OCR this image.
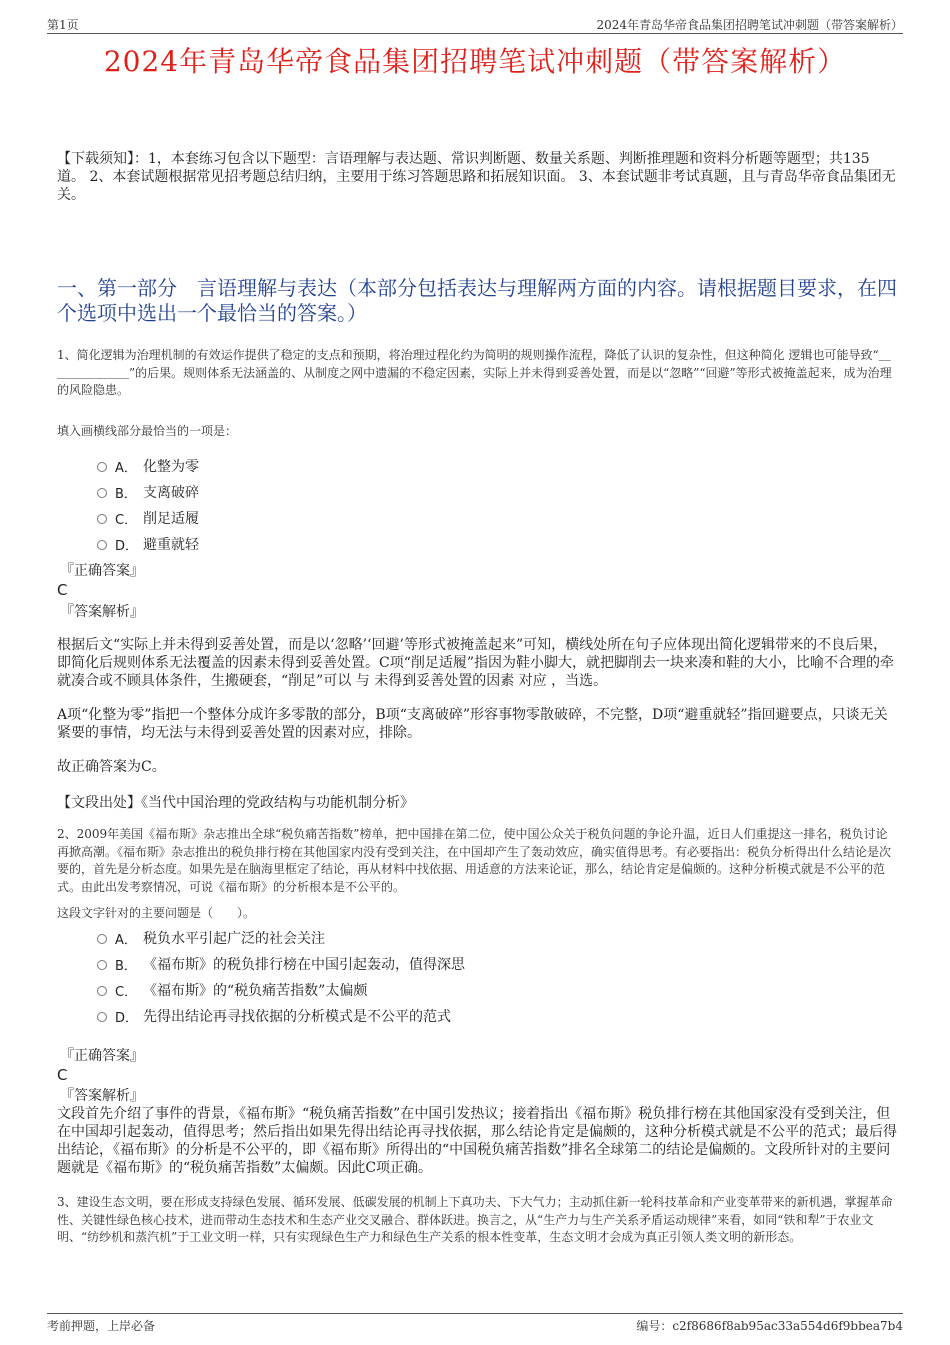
第1页	2024年青岛华帝食品集团招聘笔试冲刺题（带答案解析）
2024年青岛华帝食品集团招聘笔试冲刺题（带答案解析）
【下载须知】：1，本套练习包含以下题型：言语理解与表达题、常识判断题、数量关系题、判断推理题和资料分析题等题型；共135道。 2、本套试题根据常见招考题总结归纳，主要用于练习答题思路和拓展知识面。 3、本套试题非考试真题，且与青岛华帝食品集团无关。
一、第一部分　言语理解与表达（本部分包括表达与理解两方面的内容。请根据题目要求，在四个选项中选出一个最恰当的答案。）
1、简化逻辑为治理机制的有效运作提供了稳定的支点和预期，将治理过程化约为简明的规则操作流程，降低了认识的复杂性，但这种简化 逻辑也可能导致“＿＿＿＿＿＿＿”的后果。规则体系无法涵盖的、从制度之网中遗漏的不稳定因素，实际上并未得到妥善处置，而是以“忽略”“回避”等形式被掩盖起来，成为治理的风险隐患。
填入画横线部分最恰当的一项是：
A． 化整为零
B． 支离破碎
C． 削足适履
D． 避重就轻
『正确答案』
C
『答案解析』
根据后文“实际上并未得到妥善处置，而是以‘忽略’‘回避’等形式被掩盖起来”可知，横线处所在句子应体现出简化逻辑带来的不良后果，即简化后规则体系无法覆盖的因素未得到妥善处置。C项“削足适履”指因为鞋小脚大，就把脚削去一块来凑和鞋的大小，比喻不合理的牵就凑合或不顾具体条件，生搬硬套，“削足”可以 与 未得到妥善处置的因素 对应 ，当选。
A项“化整为零”指把一个整体分成许多零散的部分，B项“支离破碎”形容事物零散破碎，不完整，D项“避重就轻”指回避要点，只谈无关紧要的事情，均无法与未得到妥善处置的因素对应，排除。
故正确答案为C。
【文段出处】《当代中国治理的党政结构与功能机制分析》
2、2009年美国《福布斯》杂志推出全球“税负痛苦指数”榜单，把中国排在第二位，使中国公众关于税负问题的争论升温，近日人们重提这一排名，税负讨论再掀高潮。《福布斯》杂志推出的税负排行榜在其他国家内没有受到关注，在中国却产生了轰动效应，确实值得思考。有必要指出：税负分析得出什么结论是次要的，首先是分析态度。如果先是在脑海里框定了结论，再从材料中找依据、用适意的方法来论证，那么，结论肯定是偏颇的。这种分析模式就是不公平的范式。由此出发考察情况，可说《福布斯》的分析根本是不公平的。
这段文字针对的主要问题是（　　）。
A． 税负水平引起广泛的社会关注
B． 《福布斯》的税负排行榜在中国引起轰动，值得深思
C． 《福布斯》的“税负痛苦指数”太偏颇
D． 先得出结论再寻找依据的分析模式是不公平的范式
『正确答案』
C
『答案解析』
文段首先介绍了事件的背景，《福布斯》“税负痛苦指数”在中国引发热议；接着指出《福布斯》税负排行榜在其他国家没有受到关注，但在中国却引起轰动，值得思考；然后指出如果先得出结论再寻找依据，那么结论肯定是偏颇的，这种分析模式就是不公平的范式；最后得出结论，《福布斯》的分析是不公平的，即《福布斯》所得出的“中国税负痛苦指数”排名全球第二的结论是偏颇的。文段所针对的主要问题就是《福布斯》的“税负痛苦指数”太偏颇。因此C项正确。
3、建设生态文明，要在形成支持绿色发展、循环发展、低碳发展的机制上下真功夫、下大气力；主动抓住新一轮科技革命和产业变革带来的新机遇，掌握革命性、关键性绿色核心技术，进而带动生态技术和生态产业交叉融合、群体跃进。换言之，从“生产力与生产关系矛盾运动规律”来看，如同“铁和犁”于农业文明、“纺纱机和蒸汽机”于工业文明一样，只有实现绿色生产力和绿色生产关系的根本性变革，生态文明才会成为真正引领人类文明的新形态。
考前押题，上岸必备	编号：c2f8686f8ab95ac33a554d6f9bbea7b4
